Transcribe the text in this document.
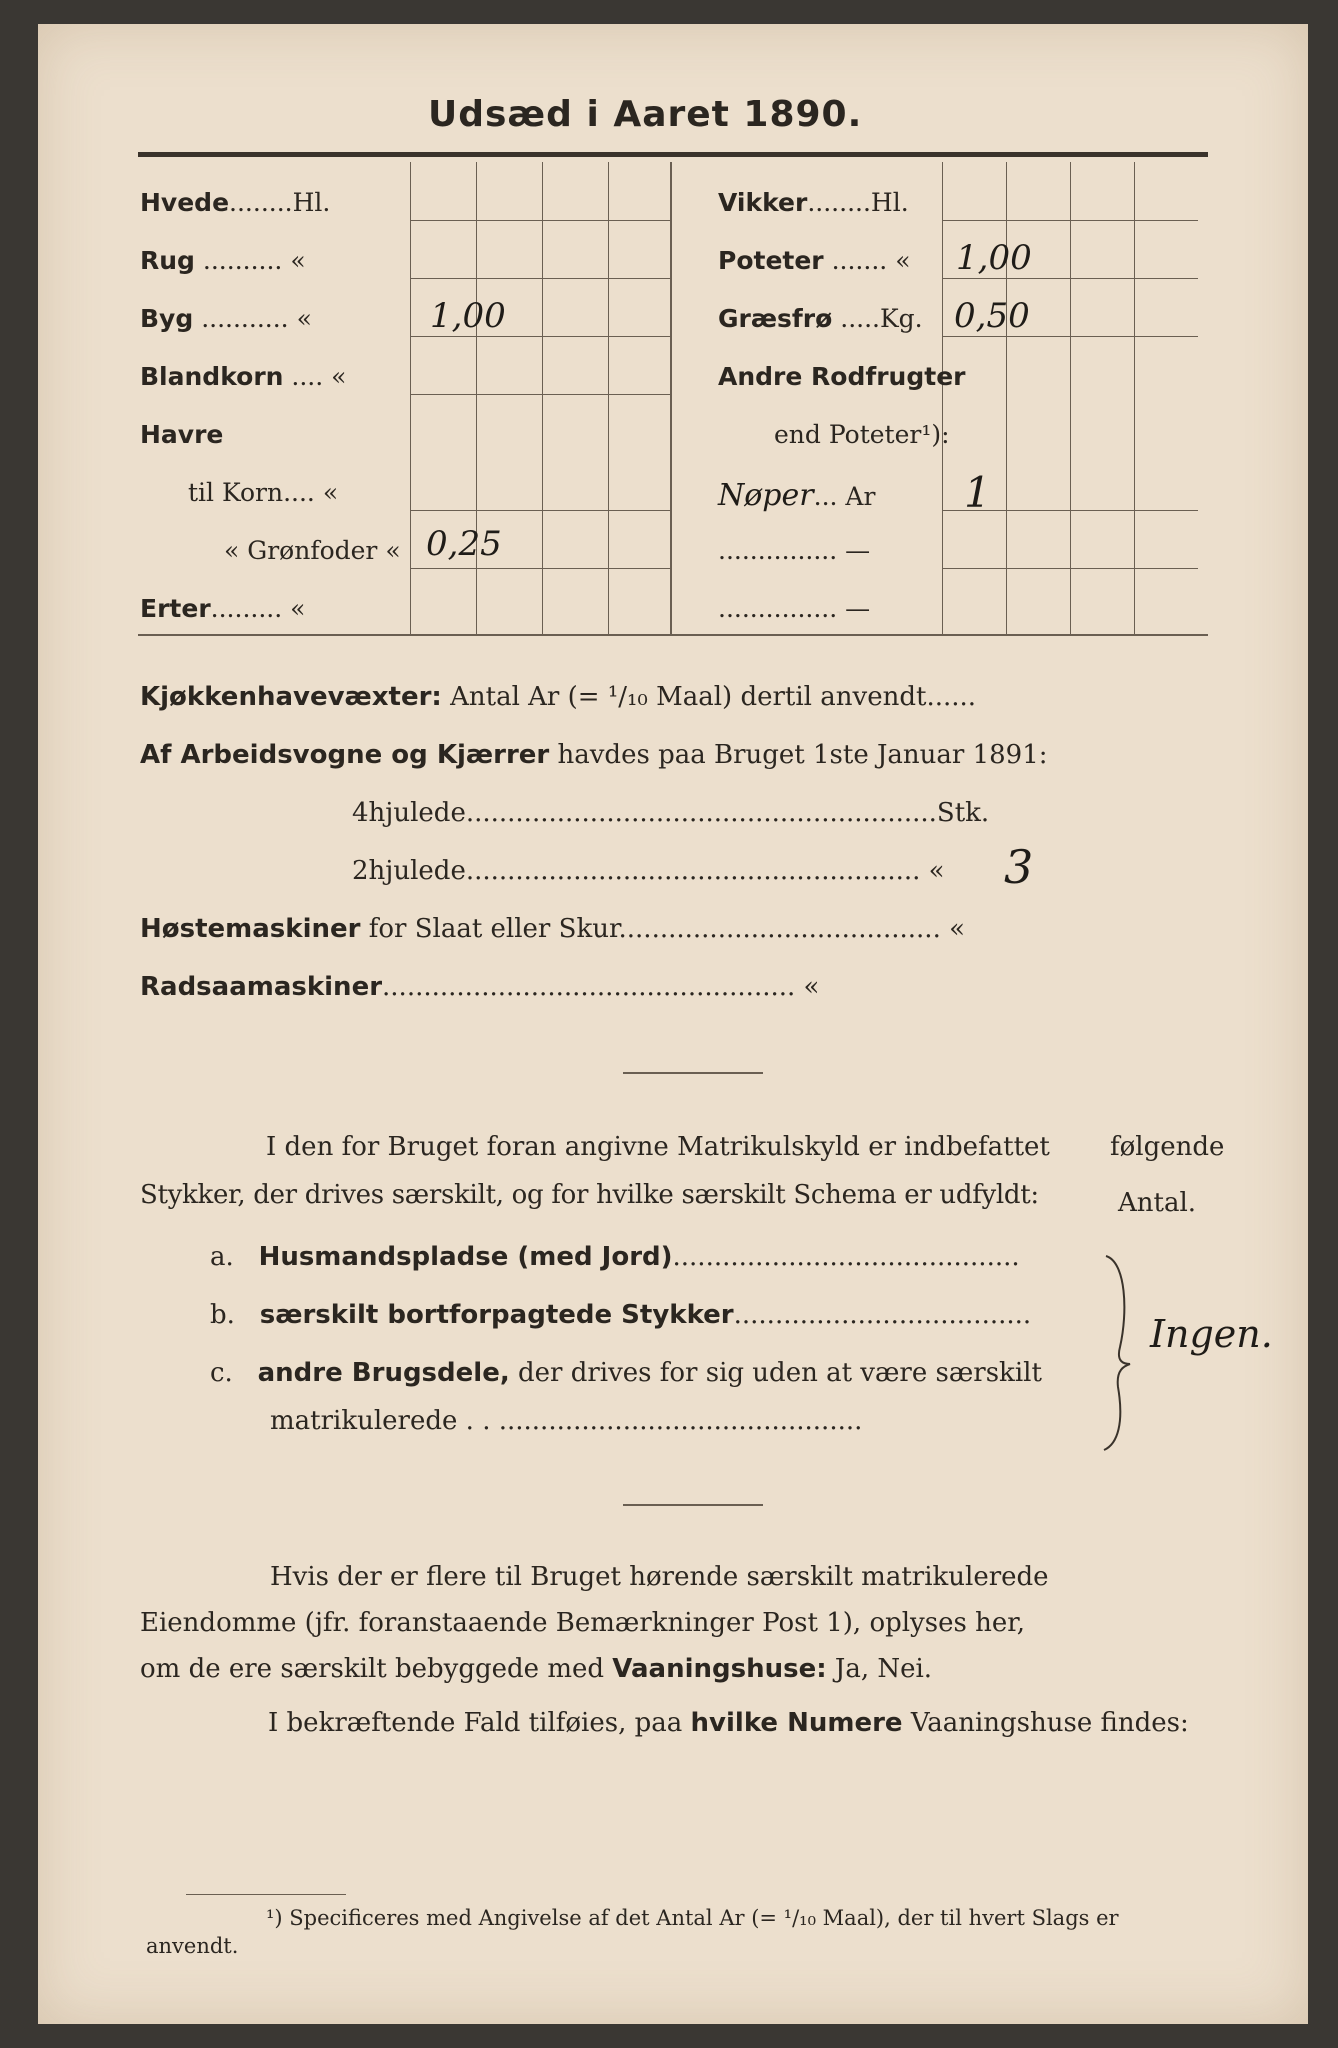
Udsæd i Aaret 1890.
Hvede........Hl.
Rug .......... «
Byg ........... «
Blandkorn .... «
Havre
til Korn.... «
« Grønfoder «
Erter......... «
1,00
0,25
Vikker........Hl.
Poteter ....... «
Græsfrø .....Kg.
Andre Rodfrugter
end Poteter¹):
Nøper... Ar
............... —
............... —
1,00
0,50
1
Kjøkkenhavevæxter: Antal Ar (= ¹/₁₀ Maal) dertil anvendt......
Af Arbeidsvogne og Kjærrer havdes paa Bruget 1ste Januar 1891:
4hjulede.........................................................Stk.
2hjulede....................................................... « 3
Høstemaskiner for Slaat eller Skur....................................... «
Radsaamaskiner.................................................. «
I den for Bruget foran angivne Matrikulskyld er indbefattet følgende
Stykker, der drives særskilt, og for hvilke særskilt Schema er udfyldt:	Antal.
a. Husmandspladse (med Jord)..........................................
b. særskilt bortforpagtede Stykker....................................
c. andre Brugsdele, der drives for sig uden at være særskilt
matrikulerede . . ............................................
Ingen.
Hvis der er flere til Bruget hørende særskilt matrikulerede
Eiendomme (jfr. foranstaaende Bemærkninger Post 1), oplyses her,
om de ere særskilt bebyggede med Vaaningshuse: Ja, Nei.
I bekræftende Fald tilføies, paa hvilke Numere Vaaningshuse findes:
¹) Specificeres med Angivelse af det Antal Ar (= ¹/₁₀ Maal), der til hvert Slags er
anvendt.
